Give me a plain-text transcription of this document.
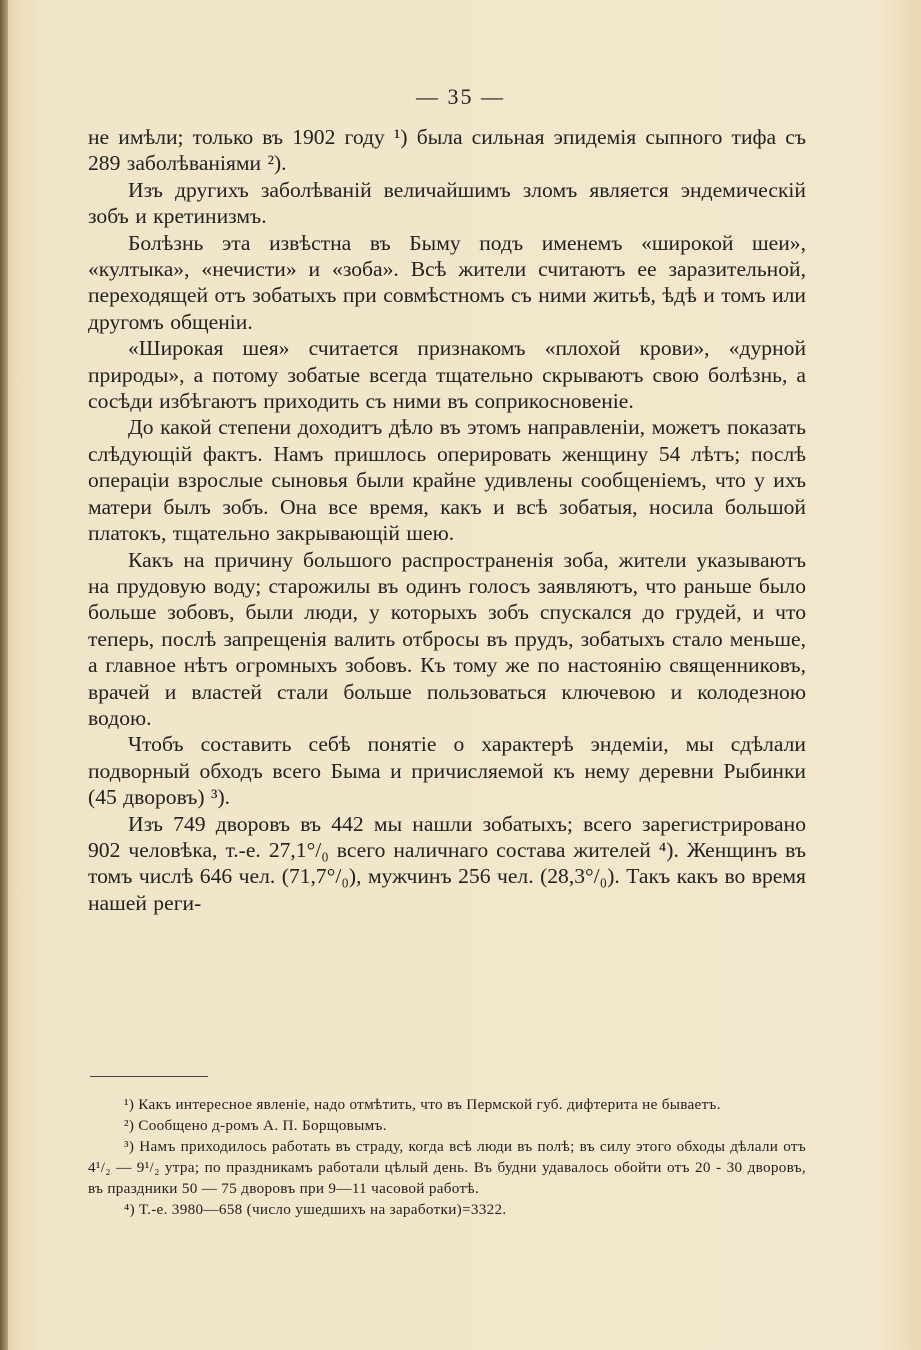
— 35 —

не имѣли; только въ 1902 году ¹) была сильная эпидемія сыпного тифа съ 289 заболѣваніями ²).

Изъ другихъ заболѣваній величайшимъ зломъ является эндемическій зобъ и кретинизмъ.

Болѣзнь эта извѣстна въ Быму подъ именемъ «широкой шеи», «култыка», «нечисти» и «зоба». Всѣ жители считаютъ ее заразительной, переходящей отъ зобатыхъ при совмѣстномъ съ ними житьѣ, ѣдѣ и томъ или другомъ общеніи.

«Широкая шея» считается признакомъ «плохой крови», «дурной природы», а потому зобатые всегда тщательно скрываютъ свою болѣзнь, а сосѣди избѣгаютъ приходить съ ними въ соприкосновеніе.

До какой степени доходитъ дѣло въ этомъ направленіи, можетъ показать слѣдующій фактъ. Намъ пришлось оперировать женщину 54 лѣтъ; послѣ операціи взрослые сыновья были крайне удивлены сообщеніемъ, что у ихъ матери былъ зобъ. Она все время, какъ и всѣ зобатыя, носила большой платокъ, тщательно закрывающій шею.

Какъ на причину большого распространенія зоба, жители указываютъ на прудовую воду; старожилы въ одинъ голосъ заявляютъ, что раньше было больше зобовъ, были люди, у которыхъ зобъ спускался до грудей, и что теперь, послѣ запрещенія валить отбросы въ прудъ, зобатыхъ стало меньше, а главное нѣтъ огромныхъ зобовъ. Къ тому же по настоянію священниковъ, врачей и властей стали больше пользоваться ключевою и колодезною водою.

Чтобъ составить себѣ понятіе о характерѣ эндеміи, мы сдѣлали подворный обходъ всего Быма и причисляемой къ нему деревни Рыбинки (45 дворовъ) ³).

Изъ 749 дворовъ въ 442 мы нашли зобатыхъ; всего зарегистрировано 902 человѣка, т.-е. 27,1°/₀ всего наличнаго состава жителей ⁴). Женщинъ въ томъ числѣ 646 чел. (71,7°/₀), мужчинъ 256 чел. (28,3°/₀). Такъ какъ во время нашей реги-

¹) Какъ интересное явленіе, надо отмѣтить, что въ Пермской губ. дифтерита не бываетъ.

²) Сообщено д-ромъ А. П. Борщовымъ.

³) Намъ приходилось работать въ страду, когда всѣ люди въ полѣ; въ силу этого обходы дѣлали отъ 4¹/₂ — 9¹/₂ утра; по праздникамъ работали цѣлый день. Въ будни удавалось обойти отъ 20 - 30 дворовъ, въ праздники 50 — 75 дворовъ при 9—11 часовой работѣ.

⁴) Т.-е. 3980—658 (число ушедшихъ на заработки)=3322.
